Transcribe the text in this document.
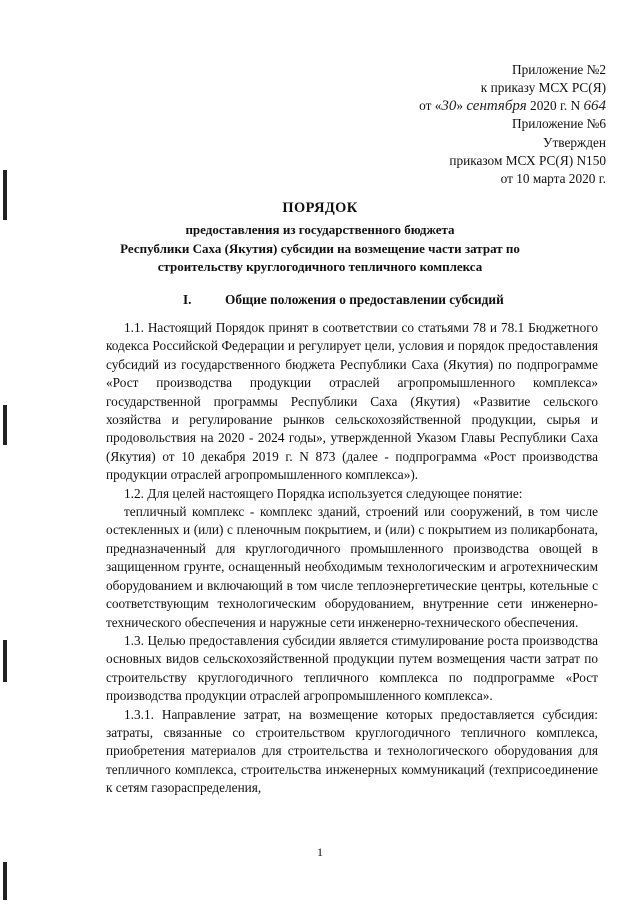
Приложение №2
к приказу МСХ РС(Я)
от «30» сентября 2020 г. N 664
Приложение №6
Утвержден
приказом МСХ РС(Я) N150
от 10 марта 2020 г.
ПОРЯДОК
предоставления из государственного бюджета
Республики Саха (Якутия) субсидии на возмещение части затрат по
строительству круглогодичного тепличного комплекса
I.	Общие положения о предоставлении субсидий

1.1. Настоящий Порядок принят в соответствии со статьями 78 и 78.1 Бюджетного кодекса Российской Федерации и регулирует цели, условия и порядок предоставления субсидий из государственного бюджета Республики Саха (Якутия) по подпрограмме «Рост производства продукции отраслей агропромышленного комплекса» государственной программы Республики Саха (Якутия) «Развитие сельского хозяйства и регулирование рынков сельскохозяйственной продукции, сырья и продовольствия на 2020 - 2024 годы», утвержденной Указом Главы Республики Саха (Якутия) от 10 декабря 2019 г. N 873 (далее - подпрограмма «Рост производства продукции отраслей агропромышленного комплекса»).

1.2. Для целей настоящего Порядка используется следующее понятие:

тепличный комплекс - комплекс зданий, строений или сооружений, в том числе остекленных и (или) с пленочным покрытием, и (или) с покрытием из поликарбоната, предназначенный для круглогодичного промышленного производства овощей в защищенном грунте, оснащенный необходимым технологическим и агротехническим оборудованием и включающий в том числе теплоэнергетические центры, котельные с соответствующим технологическим оборудованием, внутренние сети инженерно-технического обеспечения и наружные сети инженерно-технического обеспечения.

1.3. Целью предоставления субсидии является стимулирование роста производства основных видов сельскохозяйственной продукции путем возмещения части затрат по строительству круглогодичного тепличного комплекса по подпрограмме «Рост производства продукции отраслей агропромышленного комплекса».

1.3.1. Направление затрат, на возмещение которых предоставляется субсидия: затраты, связанные со строительством круглогодичного тепличного комплекса, приобретения материалов для строительства и технологического оборудования для тепличного комплекса, строительства инженерных коммуникаций (техприсоединение к сетям газораспределения,

1
